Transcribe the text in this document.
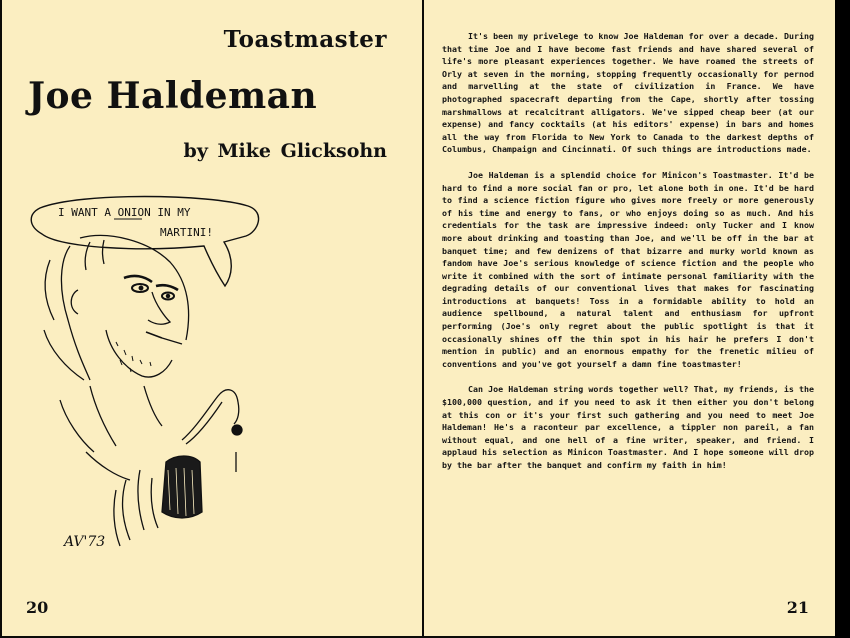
Toastmaster
Joe Haldeman
by Mike Glicksohn
I WANT A ONION IN MY
MARTINI!
AV'73
20

It's been my privelege to know Joe Haldeman for over a decade. During that time Joe and I have become fast friends and have shared several of life's more pleasant experiences together. We have roamed the streets of Orly at seven in the morning, stopping frequently occasionally for pernod and marvelling at the state of civilization in France. We have photographed spacecraft departing from the Cape, shortly after tossing marshmallows at recalcitrant alligators. We've sipped cheap beer (at our expense) and fancy cocktails (at his editors' expense) in bars and homes all the way from Florida to New York to Canada to the darkest depths of Columbus, Champaign and Cincinnati. Of such things are introductions made.

Joe Haldeman is a splendid choice for Minicon's Toastmaster. It'd be hard to find a more social fan or pro, let alone both in one. It'd be hard to find a science fiction figure who gives more freely or more generously of his time and energy to fans, or who enjoys doing so as much. And his credentials for the task are impressive indeed: only Tucker and I know more about drinking and toasting than Joe, and we'll be off in the bar at banquet time; and few denizens of that bizarre and murky world known as fandom have Joe's serious knowledge of science fiction and the people who write it combined with the sort of intimate personal familiarity with the degrading details of our conventional lives that makes for fascinating introductions at banquets! Toss in a formidable ability to hold an audience spellbound, a natural talent and enthusiasm for upfront performing (Joe's only regret about the public spotlight is that it occasionally shines off the thin spot in his hair he prefers I don't mention in public) and an enormous empathy for the frenetic milieu of conventions and you've got yourself a damn fine toastmaster!

Can Joe Haldeman string words together well? That, my friends, is the $100,000 question, and if you need to ask it then either you don't belong at this con or it's your first such gathering and you need to meet Joe Haldeman! He's a raconteur par excellence, a tippler non pareil, a fan without equal, and one hell of a fine writer, speaker, and friend. I applaud his selection as Minicon Toastmaster. And I hope someone will drop by the bar after the banquet and confirm my faith in him!

21
